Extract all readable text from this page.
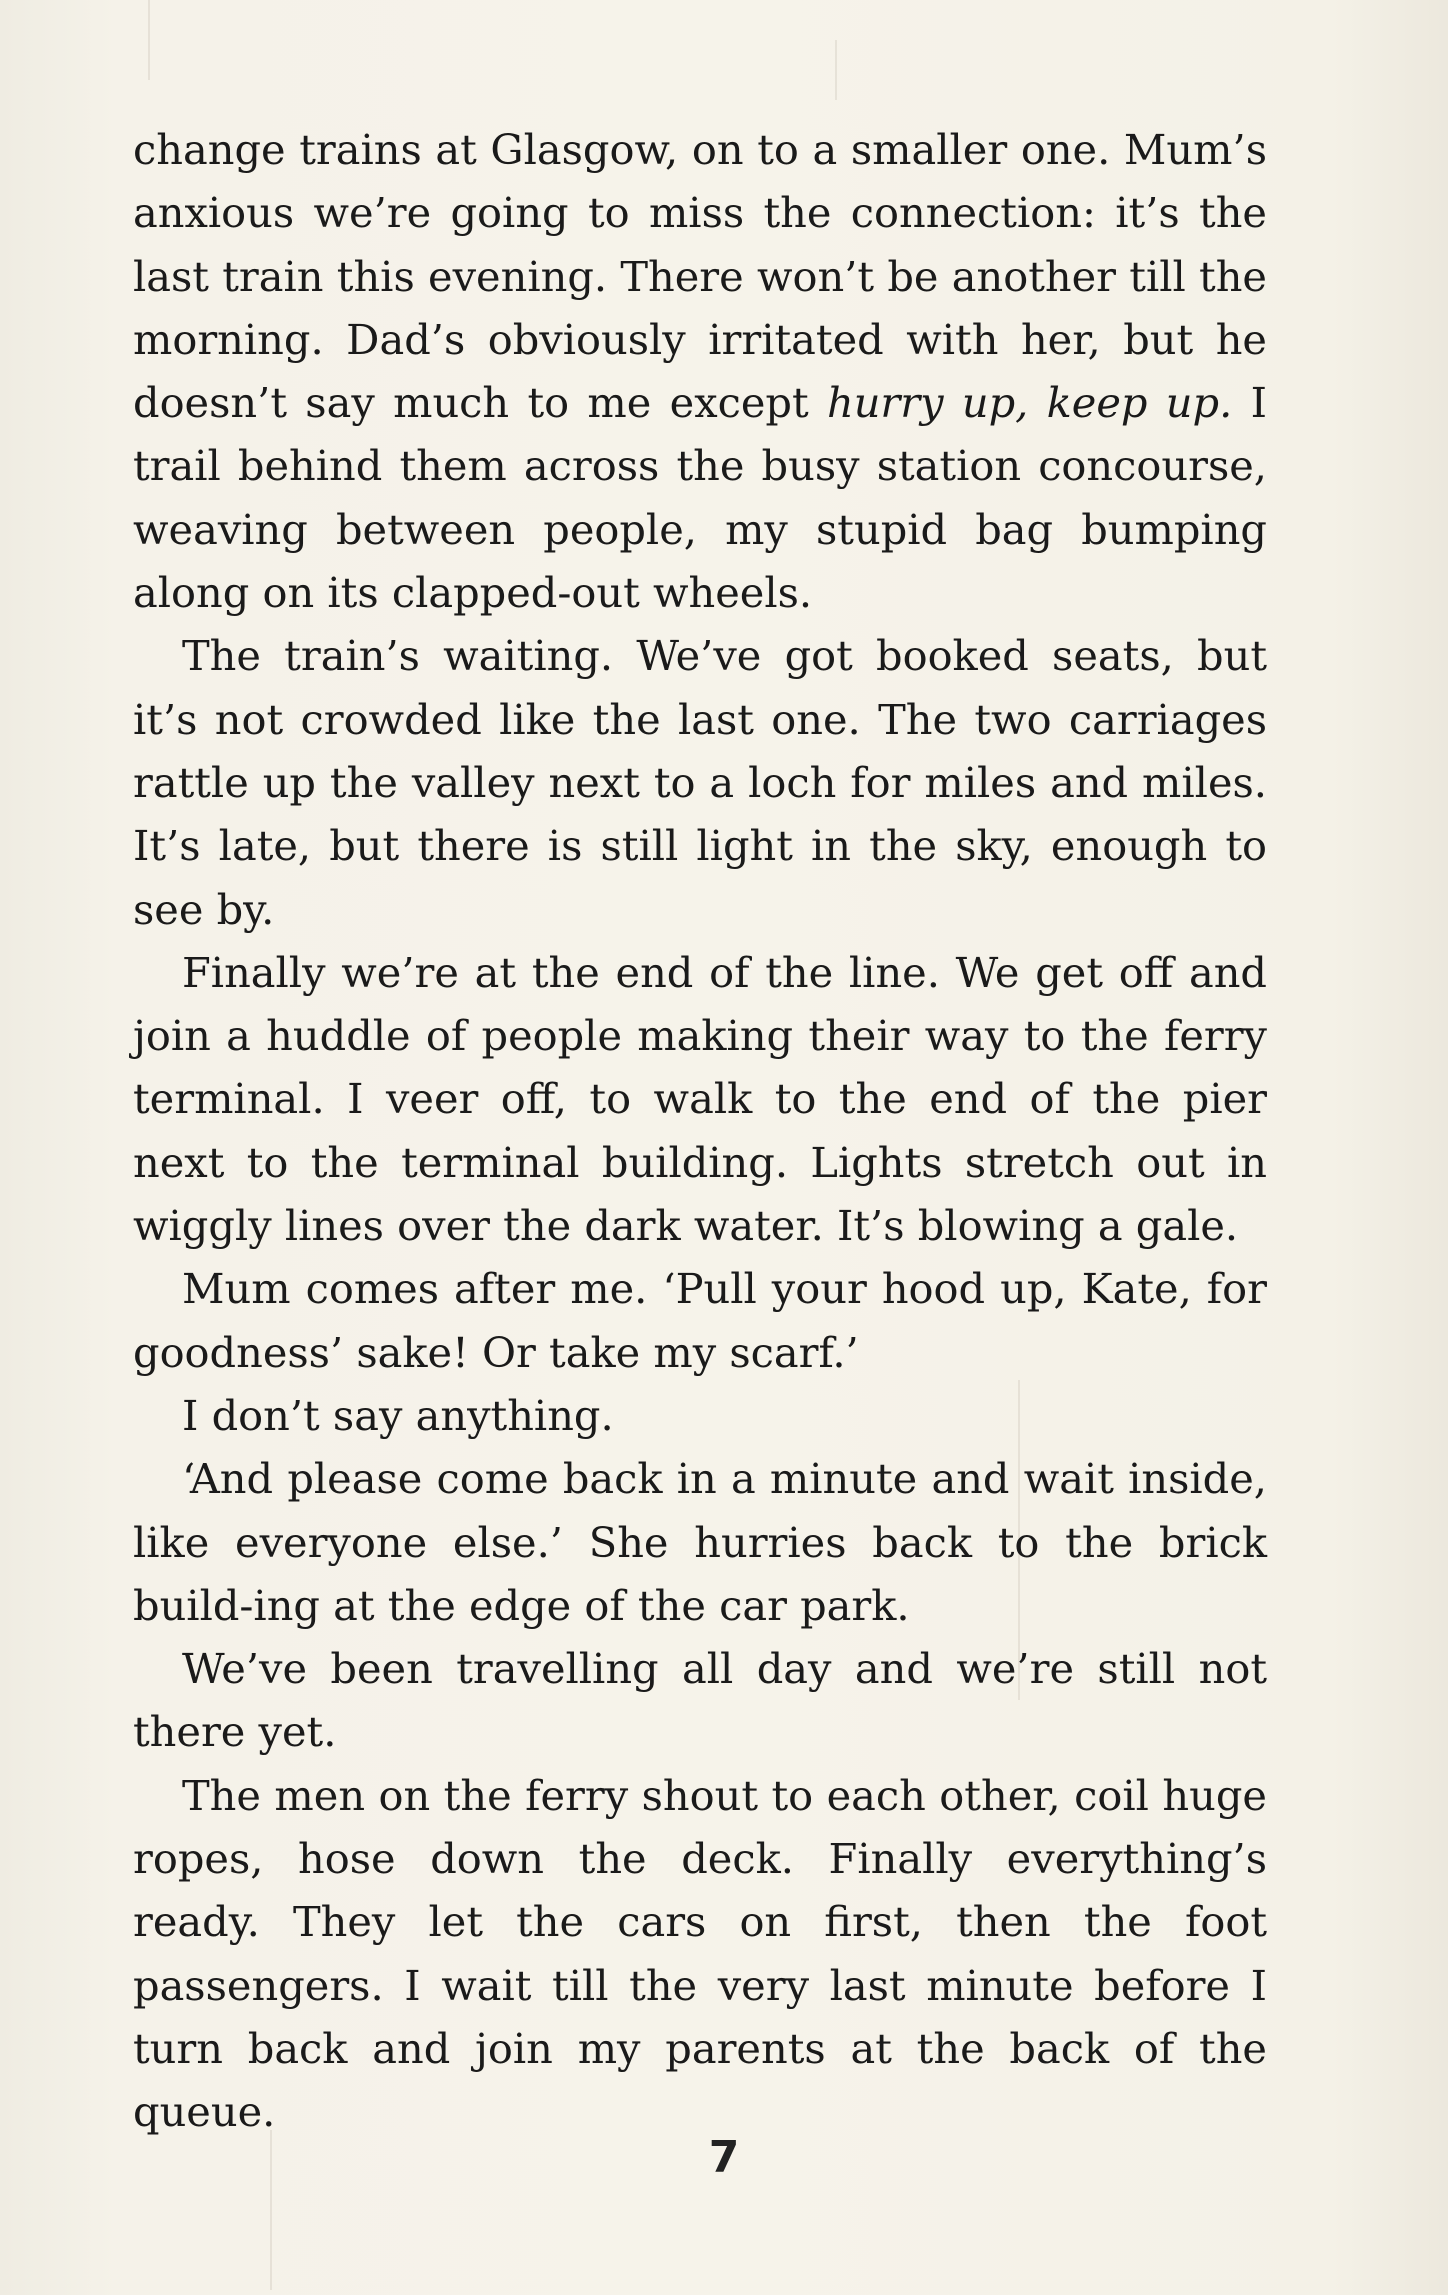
change trains at Glasgow, on to a smaller one. Mum’s anxious we’re going to miss the connection: it’s the last train this evening. There won’t be another till the morning. Dad’s obviously irritated with her, but he doesn’t say much to me except hurry up, keep up. I trail behind them across the busy station concourse, weaving between people, my stupid bag bumping along on its clapped-out wheels.

The train’s waiting. We’ve got booked seats, but it’s not crowded like the last one. The two carriages rattle up the valley next to a loch for miles and miles. It’s late, but there is still light in the sky, enough to see by.

Finally we’re at the end of the line. We get off and join a huddle of people making their way to the ferry terminal. I veer off, to walk to the end of the pier next to the terminal building. Lights stretch out in wiggly lines over the dark water. It’s blowing a gale.

Mum comes after me. ‘Pull your hood up, Kate, for goodness’ sake! Or take my scarf.’

I don’t say anything.

‘And please come back in a minute and wait inside, like everyone else.’ She hurries back to the brick build-ing at the edge of the car park.

We’ve been travelling all day and we’re still not there yet.

The men on the ferry shout to each other, coil huge ropes, hose down the deck. Finally everything’s ready. They let the cars on first, then the foot passengers. I wait till the very last minute before I turn back and join my parents at the back of the queue.

7
